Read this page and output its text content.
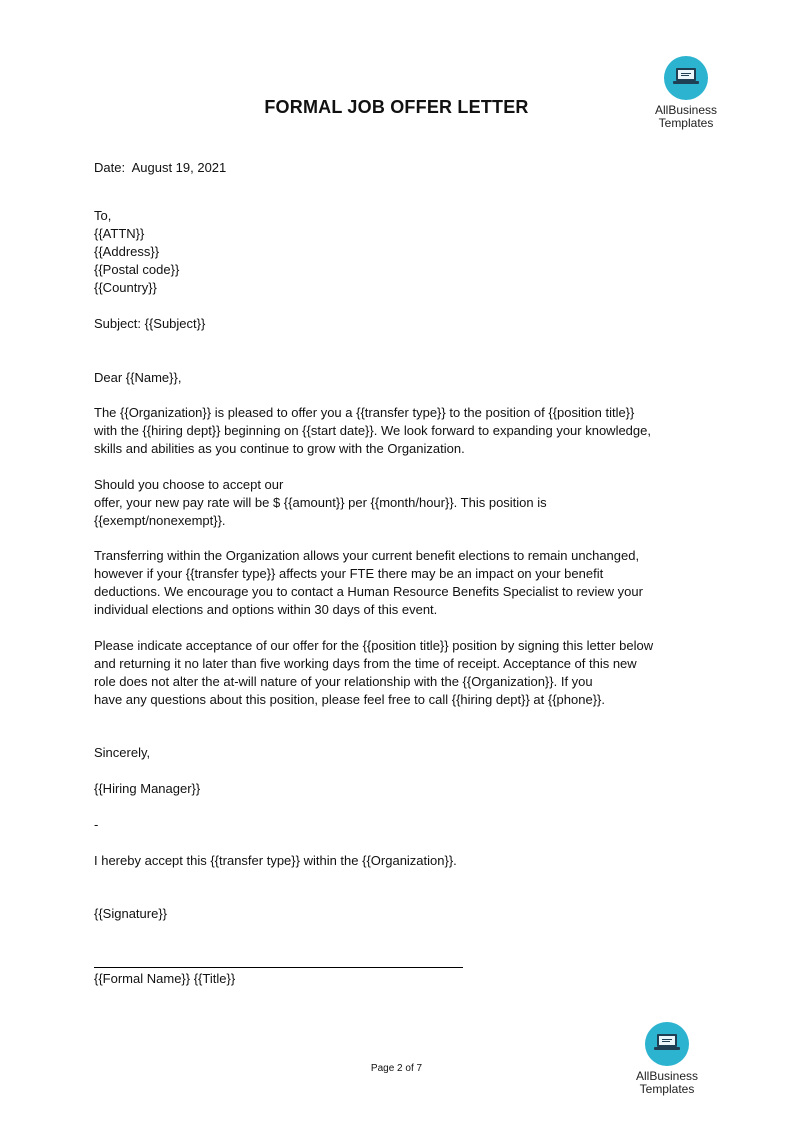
AllBusiness
Templates
FORMAL JOB OFFER LETTER
Date:  August 19, 2021
To,
{{ATTN}}
{{Address}}
{{Postal code}}
{{Country}}
Subject: {{Subject}}
Dear {{Name}},
The {{Organization}} is pleased to offer you a {{transfer type}} to the position of {{position title}}
with the {{hiring dept}} beginning on {{start date}}. We look forward to expanding your knowledge,
skills and abilities as you continue to grow with the Organization.
Should you choose to accept our
offer, your new pay rate will be $ {{amount}} per {{month/hour}}. This position is
{{exempt/nonexempt}}.
Transferring within the Organization allows your current benefit elections to remain unchanged,
however if your {{transfer type}} affects your FTE there may be an impact on your benefit
deductions. We encourage you to contact a Human Resource Benefits Specialist to review your
individual elections and options within 30 days of this event.
Please indicate acceptance of our offer for the {{position title}} position by signing this letter below
and returning it no later than five working days from the time of receipt. Acceptance of this new
role does not alter the at-will nature of your relationship with the {{Organization}}. If you
have any questions about this position, please feel free to call {{hiring dept}} at {{phone}}.
Sincerely,
{{Hiring Manager}}
-
I hereby accept this {{transfer type}} within the {{Organization}}.
{{Signature}}
{{Formal Name}} {{Title}}
Page 2 of 7
AllBusiness
Templates
